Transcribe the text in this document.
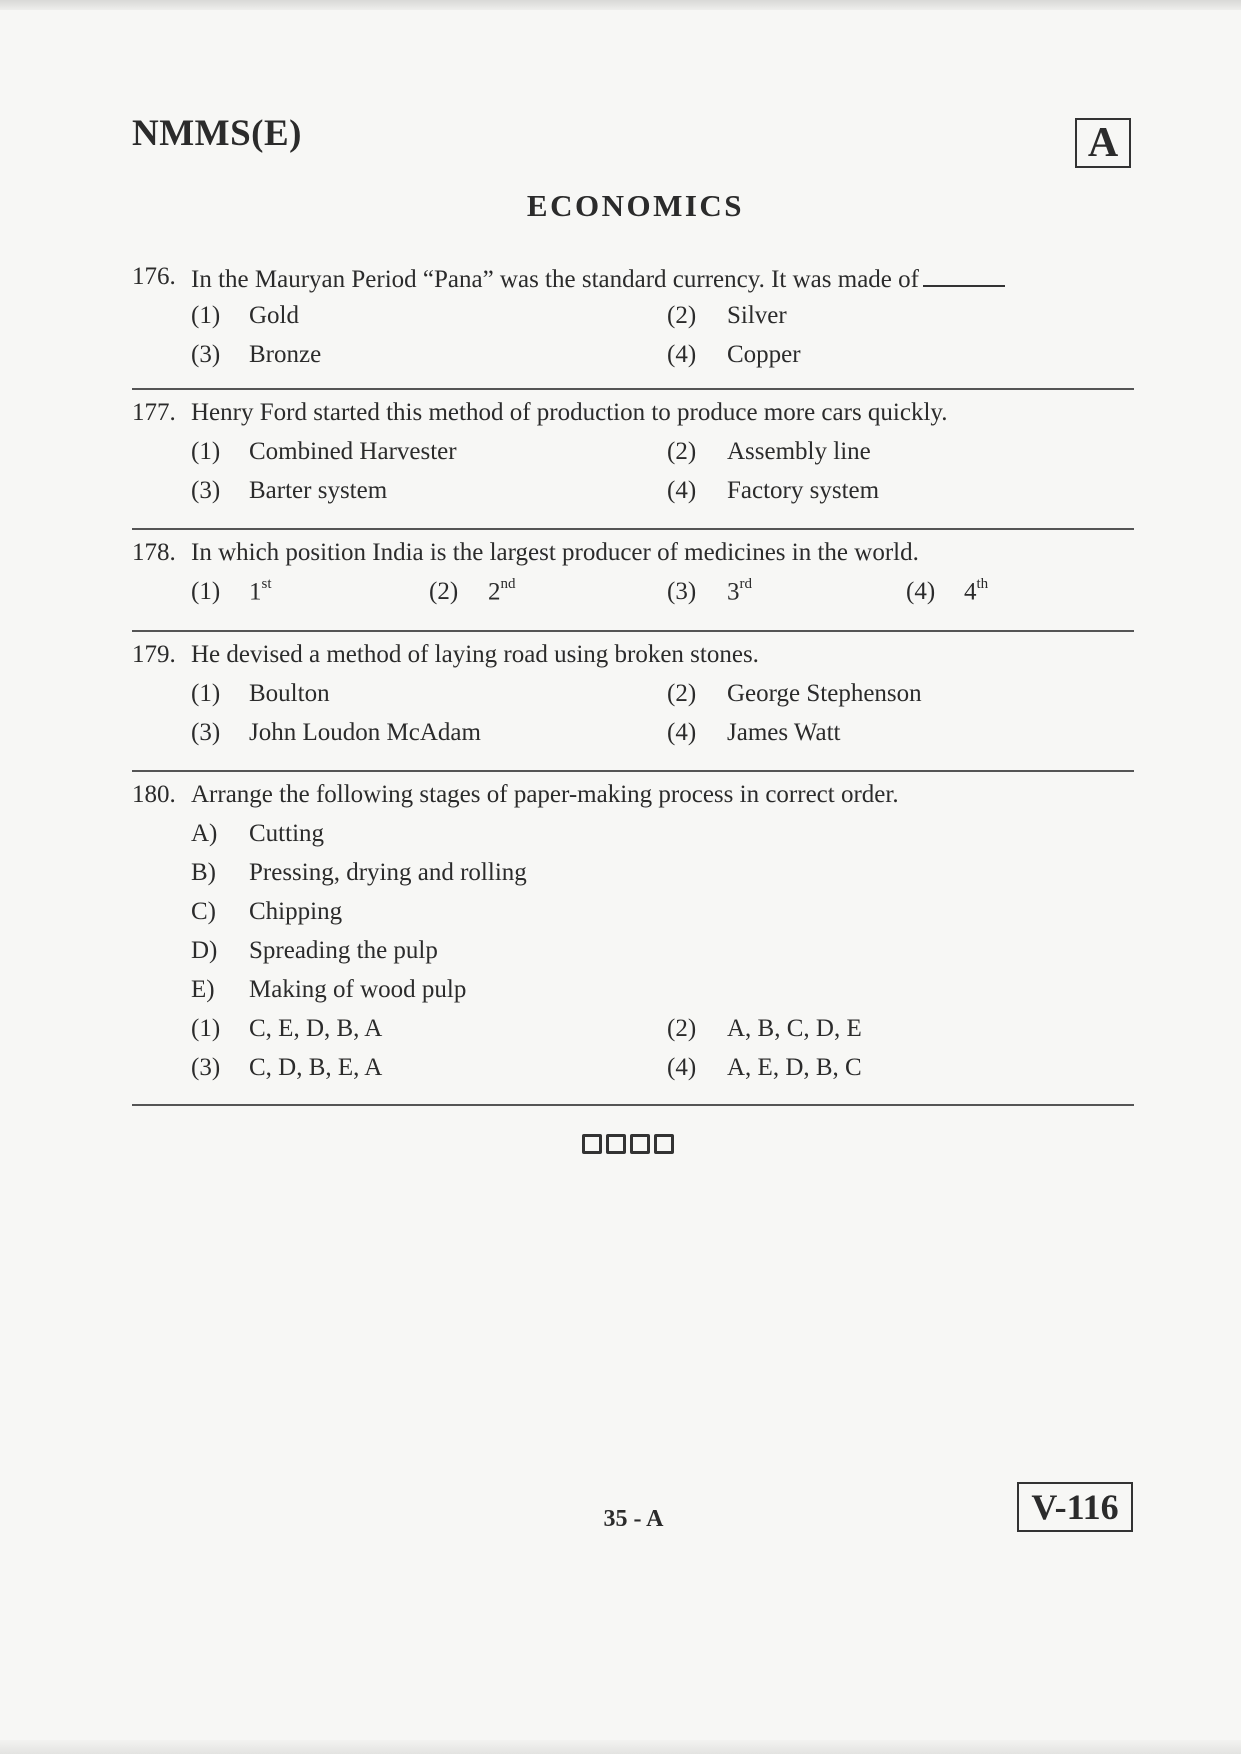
NMMS(E)	A
ECONOMICS
176. In the Mauryan Period “Pana” was the standard currency. It was made of
(1) Gold	(2) Silver
(3) Bronze	(4) Copper
177. Henry Ford started this method of production to produce more cars quickly.
(1) Combined Harvester	(2) Assembly line
(3) Barter system	(4) Factory system
178. In which position India is the largest producer of medicines in the world.
(1) 1st	(2) 2nd	(3) 3rd	(4) 4th
179. He devised a method of laying road using broken stones.
(1) Boulton	(2) George Stephenson
(3) John Loudon McAdam	(4) James Watt
180. Arrange the following stages of paper-making process in correct order.
A) Cutting
B) Pressing, drying and rolling
C) Chipping
D) Spreading the pulp
E) Making of wood pulp
(1) C, E, D, B, A	(2) A, B, C, D, E
(3) C, D, B, E, A	(4) A, E, D, B, C
35 - A	V-116
